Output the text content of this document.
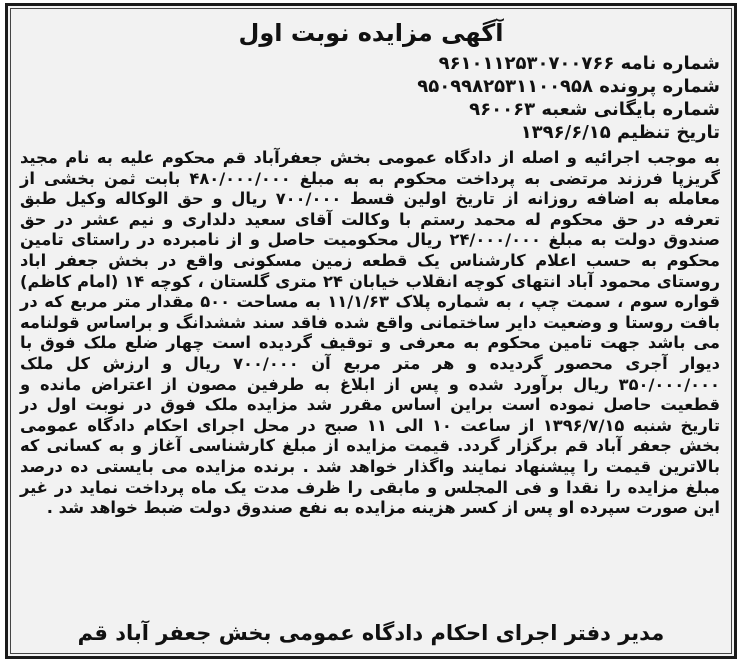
آگهی مزایده نوبت اول
شماره نامه ۹۶۱۰۱۱۲۵۳۰۷۰۰۷۶۶
شماره پرونده ۹۵۰۹۹۸۲۵۳۱۱۰۰۹۵۸
شماره بایگانی شعبه ۹۶۰۰۶۳
تاریخ تنظیم ۱۳۹۶/۶/۱۵
به موجب اجرائیه و اصله از دادگاه عمومی بخش جعفرآباد قم محکوم علیه به نام مجید گریزپا فرزند مرتضی به پرداخت محکوم به به مبلغ ۴۸۰/۰۰۰/۰۰۰ بابت ثمن بخشی از معامله به اضافه روزانه از تاریخ اولین قسط ۷۰۰/۰۰۰ ریال و حق الوکاله وکیل طبق تعرفه در حق محکوم له محمد رستم با وکالت آقای سعید دلداری و نیم عشر در حق صندوق دولت به مبلغ ۲۴/۰۰۰/۰۰۰ ریال محکومیت حاصل و از نامبرده در راستای تامین محکوم به حسب اعلام کارشناس یک قطعه زمین مسکونی واقع در بخش جعفر اباد روستای محمود آباد انتهای کوچه انقلاب خیابان ۲۴ متری گلستان ، کوچه ۱۴ (امام کاظم) قواره سوم ، سمت چپ ، به شماره پلاک ۱۱/۱/۶۳ به مساحت ۵۰۰ مقدار متر مربع که در بافت روستا و وضعیت دایر ساختمانی واقع شده فاقد سند ششدانگ و براساس قولنامه می باشد جهت تامین محکوم به معرفی و توقیف گردیده است چهار ضلع ملک فوق با دیوار آجری محصور گردیده و هر متر مربع آن ۷۰۰/۰۰۰ ریال و ارزش کل ملک ۳۵۰/۰۰۰/۰۰۰ ریال برآورد شده و پس از ابلاغ به طرفین مصون از اعتراض مانده و قطعیت حاصل نموده است براین اساس مقرر شد مزایده ملک فوق در نوبت اول در تاریخ شنبه ۱۳۹۶/۷/۱۵ از ساعت ۱۰ الی ۱۱ صبح در محل اجرای احکام دادگاه عمومی بخش جعفر آباد قم برگزار گردد. قیمت مزایده از مبلغ کارشناسی آغاز و به کسانی که بالاترین قیمت را پیشنهاد نمایند واگذار خواهد شد . برنده مزایده می بایستی ده درصد مبلغ مزایده را نقدا و فی المجلس و مابقی را ظرف مدت یک ماه پرداخت نماید در غیر این صورت سپرده او پس از کسر هزینه مزایده به نفع صندوق دولت ضبط خواهد شد .
مدیر دفتر اجرای احکام دادگاه عمومی بخش جعفر آباد قم
